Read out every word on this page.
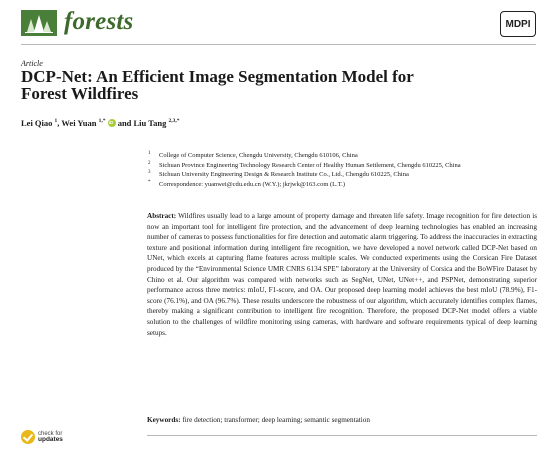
forests	MDPI
Article
DCP-Net: An Efficient Image Segmentation Model for
Forest Wildfires
Lei Qiao $^1$, Wei Yuan $^{1,*}$ iD and Liu Tang $^{2,3,*}$
1 College of Computer Science, Chengdu University, Chengdu 610106, China
2 Sichuan Province Engineering Technology Research Center of Healthy Human Settlement, Chengdu 610225, China
3 Sichuan University Engineering Design & Research Institute Co., Ltd., Chengdu 610225, China
* Correspondence: yuanwei@cdu.edu.cn (W.Y.); jkrjwk@163.com (L.T.)
Abstract: Wildfires usually lead to a large amount of property damage and threaten life safety. Image recognition for fire detection is now an important tool for intelligent fire protection, and the advancement of deep learning technologies has enabled an increasing number of cameras to possess functionalities for fire detection and automatic alarm triggering. To address the inaccuracies in extracting texture and positional information during intelligent fire recognition, we have developed a novel network called DCP-Net based on UNet, which excels at capturing flame features across multiple scales. We conducted experiments using the Corsican Fire Dataset produced by the “Environmental Science UMR CNRS 6134 SPE” laboratory at the University of Corsica and the BoWFire Dataset by Chino et al. Our algorithm was compared with networks such as SegNet, UNet, UNet++, and PSPNet, demonstrating superior performance across three metrics: mIoU, F1-score, and OA. Our proposed deep learning model achieves the best mIoU (78.9%), F1-score (76.1%), and OA (96.7%). These results underscore the robustness of our algorithm, which accurately identifies complex flames, thereby making a significant contribution to intelligent fire recognition. Therefore, the proposed DCP-Net model offers a viable solution to the challenges of wildfire monitoring using cameras, with hardware and software requirements typical of deep learning setups.
Keywords: fire detection; transformer; deep learning; semantic segmentation
check for
updates
